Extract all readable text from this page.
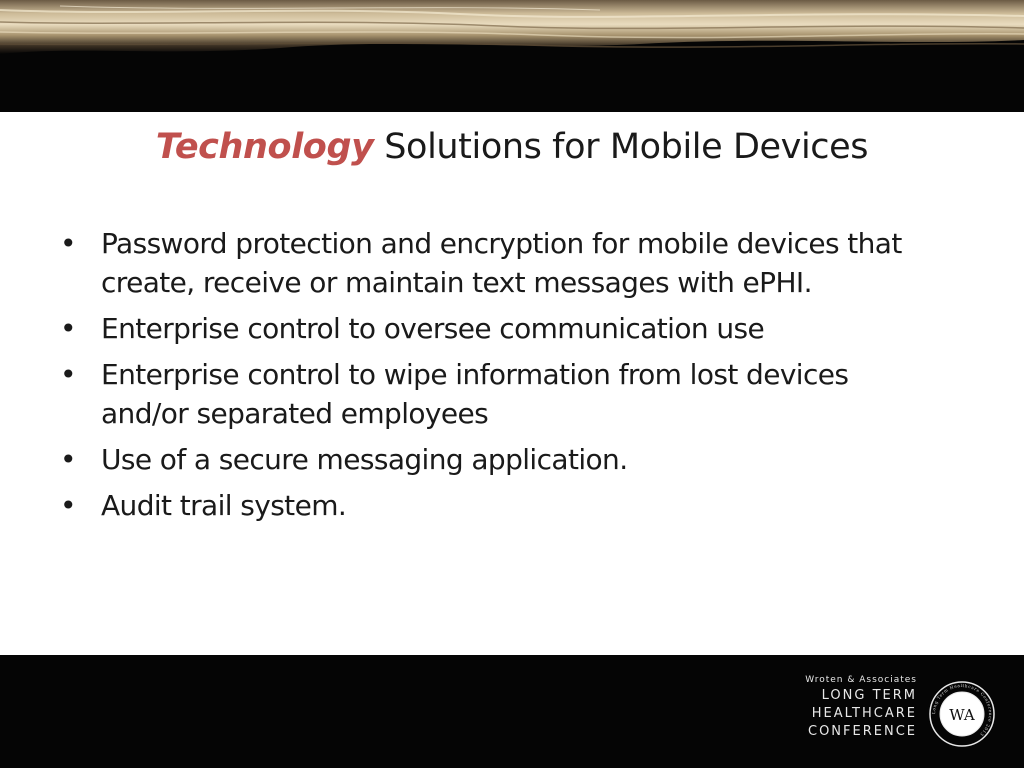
Technology Solutions for Mobile Devices
• Password protection and encryption for mobile devices that create, receive or maintain text messages with ePHI.
• Enterprise control to oversee communication use
• Enterprise control to wipe information from lost devices and/or separated employees
• Use of a secure messaging application.
• Audit trail system.
Wroten & Associates
LONG TERM
HEALTHCARE
CONFERENCE
Long Term Healthcare Conference 2013
WA
